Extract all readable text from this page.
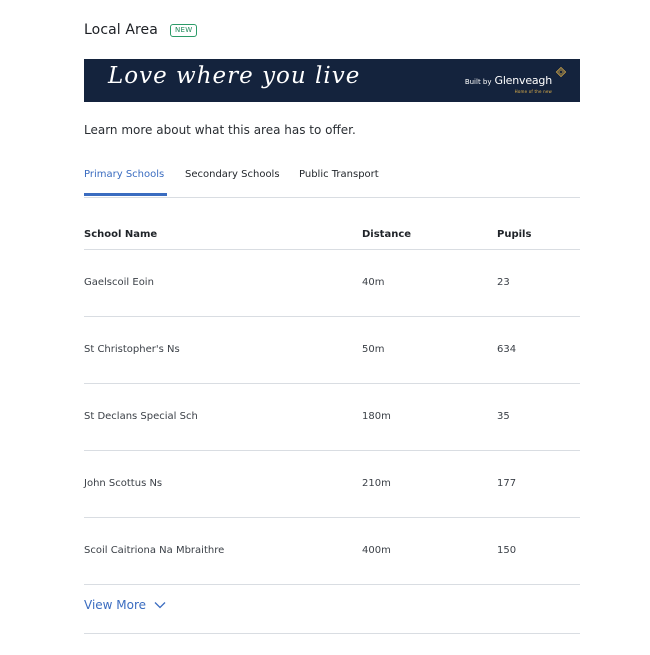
Local Area	NEW
Love where you live	Built by Glenveagh
Home of the new
Learn more about what this area has to offer.
Primary Schools Secondary Schools Public Transport
School Name	Distance	Pupils
Gaelscoil Eoin	40m	23
St Christopher's Ns	50m	634
St Declans Special Sch	180m	35
John Scottus Ns	210m	177
Scoil Caitriona Na Mbraithre	400m	150
View More
